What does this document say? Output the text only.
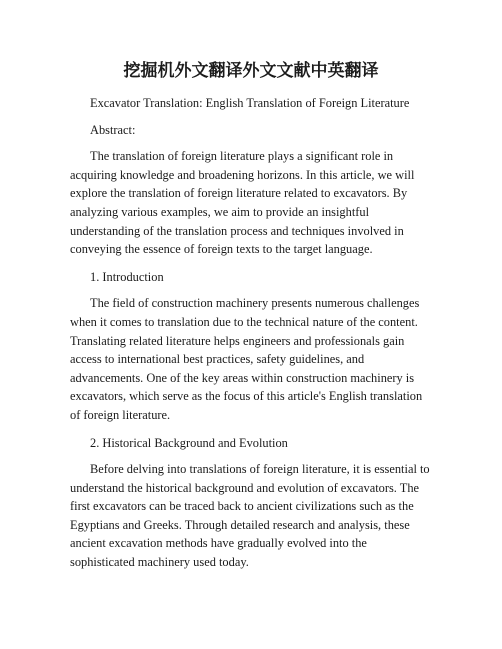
挖掘机外文翻译外文文献中英翻译

Excavator Translation: English Translation of Foreign Literature

Abstract:

The translation of foreign literature plays a significant role in acquiring knowledge and broadening horizons. In this article, we will explore the translation of foreign literature related to excavators. By analyzing various examples, we aim to provide an insightful understanding of the translation process and techniques involved in conveying the essence of foreign texts to the target language.

1. Introduction

The field of construction machinery presents numerous challenges when it comes to translation due to the technical nature of the content. Translating related literature helps engineers and professionals gain access to international best practices, safety guidelines, and advancements. One of the key areas within construction machinery is excavators, which serve as the focus of this article's English translation of foreign literature.

2. Historical Background and Evolution

Before delving into translations of foreign literature, it is essential to understand the historical background and evolution of excavators. The first excavators can be traced back to ancient civilizations such as the Egyptians and Greeks. Through detailed research and analysis, these ancient excavation methods have gradually evolved into the sophisticated machinery used today.
